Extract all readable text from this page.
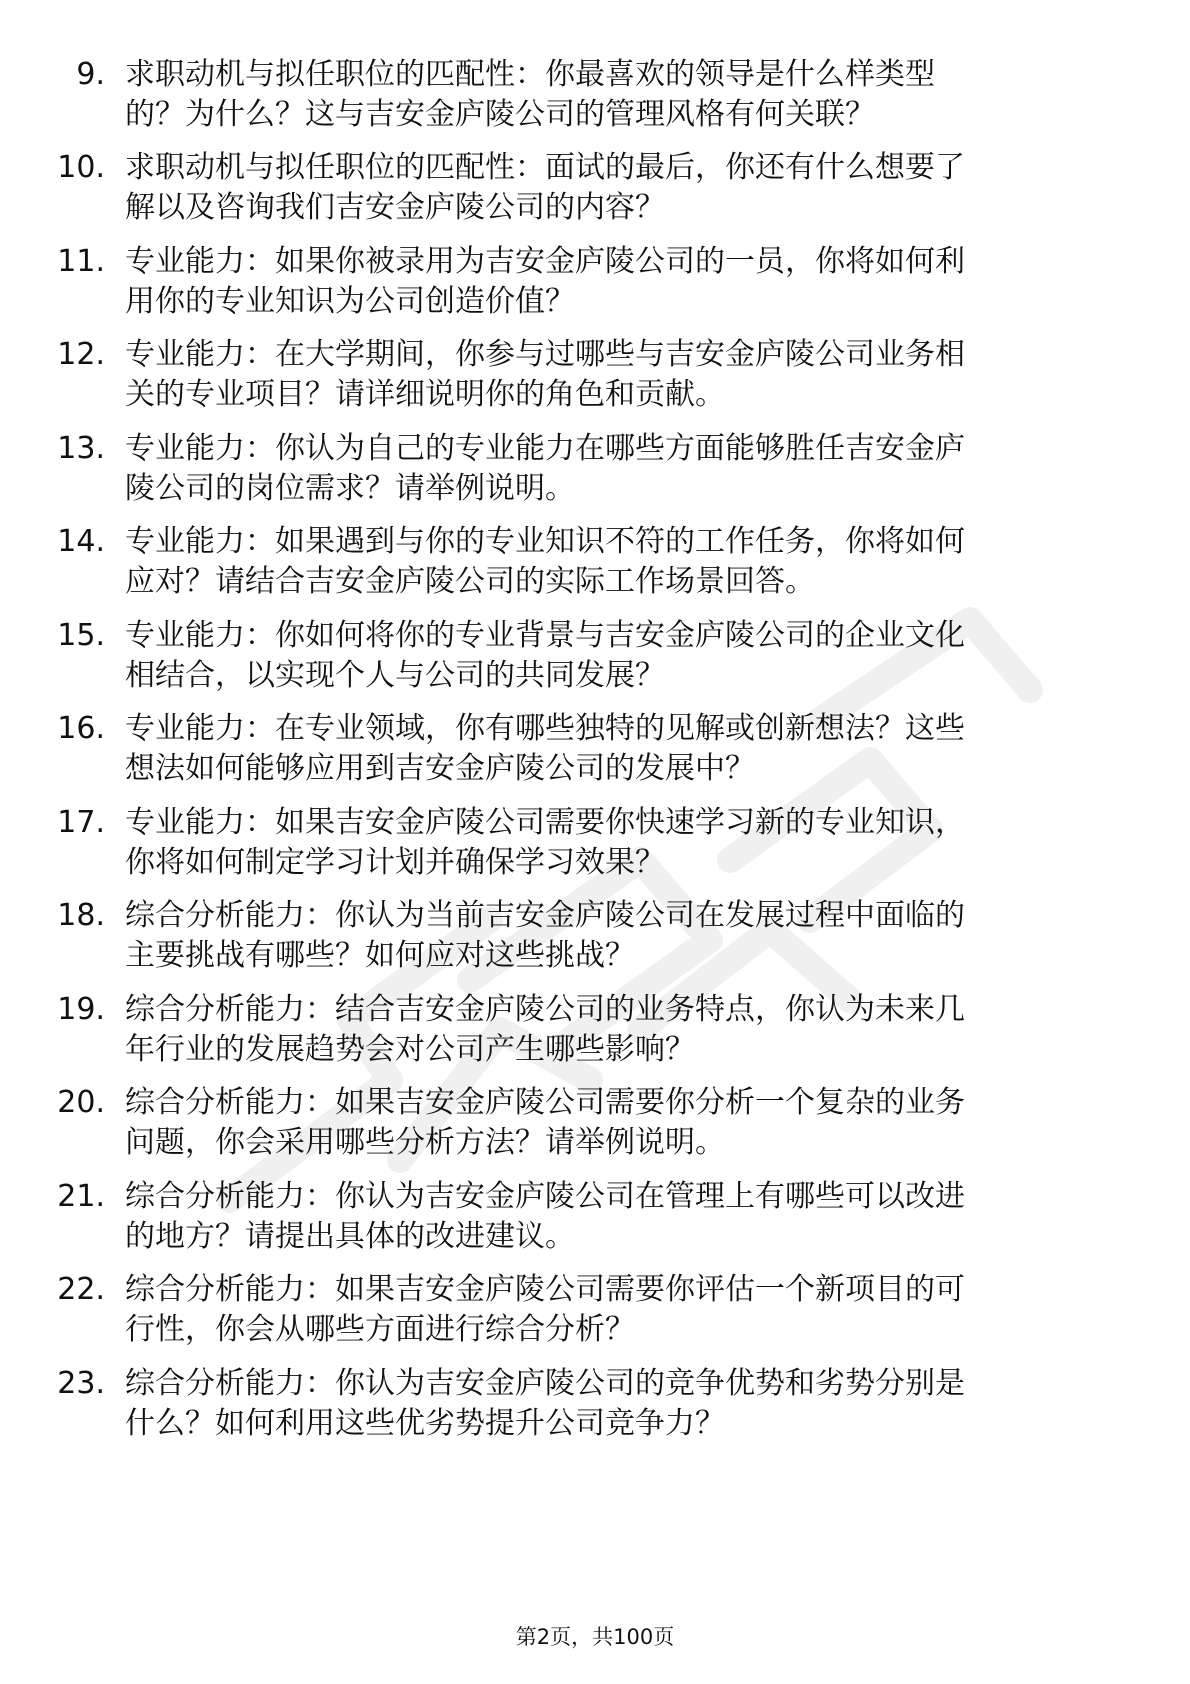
9. 求职动机与拟任职位的匹配性：你最喜欢的领导是什么样类型
的？为什么？这与吉安金庐陵公司的管理风格有何关联？
10. 求职动机与拟任职位的匹配性：面试的最后，你还有什么想要了
解以及咨询我们吉安金庐陵公司的内容？
11. 专业能力：如果你被录用为吉安金庐陵公司的一员，你将如何利
用你的专业知识为公司创造价值？
12. 专业能力：在大学期间，你参与过哪些与吉安金庐陵公司业务相
关的专业项目？请详细说明你的角色和贡献。
13. 专业能力：你认为自己的专业能力在哪些方面能够胜任吉安金庐
陵公司的岗位需求？请举例说明。
14. 专业能力：如果遇到与你的专业知识不符的工作任务，你将如何
应对？请结合吉安金庐陵公司的实际工作场景回答。
15. 专业能力：你如何将你的专业背景与吉安金庐陵公司的企业文化
相结合，以实现个人与公司的共同发展？
16. 专业能力：在专业领域，你有哪些独特的见解或创新想法？这些
想法如何能够应用到吉安金庐陵公司的发展中？
17. 专业能力：如果吉安金庐陵公司需要你快速学习新的专业知识，
你将如何制定学习计划并确保学习效果？
18. 综合分析能力：你认为当前吉安金庐陵公司在发展过程中面临的
主要挑战有哪些？如何应对这些挑战？
19. 综合分析能力：结合吉安金庐陵公司的业务特点，你认为未来几
年行业的发展趋势会对公司产生哪些影响？
20. 综合分析能力：如果吉安金庐陵公司需要你分析一个复杂的业务
问题，你会采用哪些分析方法？请举例说明。
21. 综合分析能力：你认为吉安金庐陵公司在管理上有哪些可以改进
的地方？请提出具体的改进建议。
22. 综合分析能力：如果吉安金庐陵公司需要你评估一个新项目的可
行性，你会从哪些方面进行综合分析？
23. 综合分析能力：你认为吉安金庐陵公司的竞争优势和劣势分别是
什么？如何利用这些优劣势提升公司竞争力？
第2页，共100页
